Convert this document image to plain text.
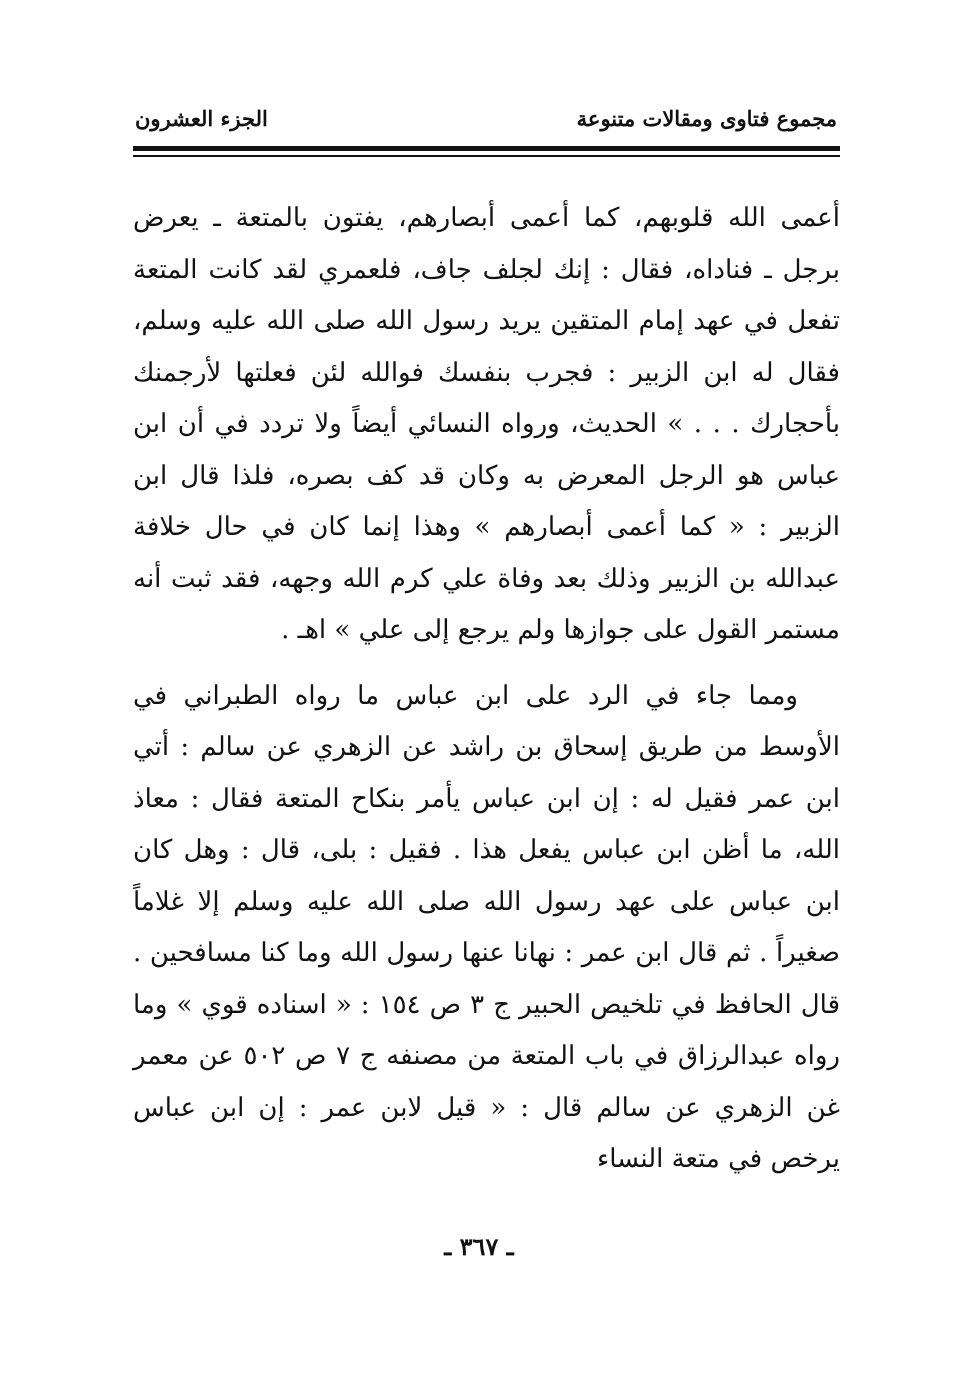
مجموع فتاوى ومقالات متنوعة
الجزء العشرون

أعمى الله قلوبهم، كما أعمى أبصارهم، يفتون بالمتعة ـ يعرض برجل ـ فناداه، فقال : إنك لجلف جاف، فلعمري لقد كانت المتعة تفعل في عهد إمام المتقين يريد رسول الله صلى الله عليه وسلم، فقال له ابن الزبير : فجرب بنفسك فوالله لئن فعلتها لأرجمنك بأحجارك . . . » الحديث، ورواه النسائي أيضاً ولا تردد في أن ابن عباس هو الرجل المعرض به وكان قد كف بصره، فلذا قال ابن الزبير : « كما أعمى أبصارهم » وهذا إنما كان في حال خلافة عبدالله بن الزبير وذلك بعد وفاة علي كرم الله وجهه، فقد ثبت أنه مستمر القول على جوازها ولم يرجع إلى علي » اهـ .

ومما جاء في الرد على ابن عباس ما رواه الطبراني في الأوسط من طريق إسحاق بن راشد عن الزهري عن سالم : أتي ابن عمر فقيل له : إن ابن عباس يأمر بنكاح المتعة فقال : معاذ الله، ما أظن ابن عباس يفعل هذا . فقيل : بلى، قال : وهل كان ابن عباس على عهد رسول الله صلى الله عليه وسلم إلا غلاماً صغيراً . ثم قال ابن عمر : نهانا عنها رسول الله وما كنا مسافحين . قال الحافظ في تلخيص الحبير ج ٣ ص ١٥٤ : « اسناده قوي » وما رواه عبدالرزاق في باب المتعة من مصنفه ج ٧ ص ٥٠٢ عن معمر غن الزهري عن سالم قال : « قيل لابن عمر : إن ابن عباس يرخص في متعة النساء

ـ ٣٦٧ ـ
